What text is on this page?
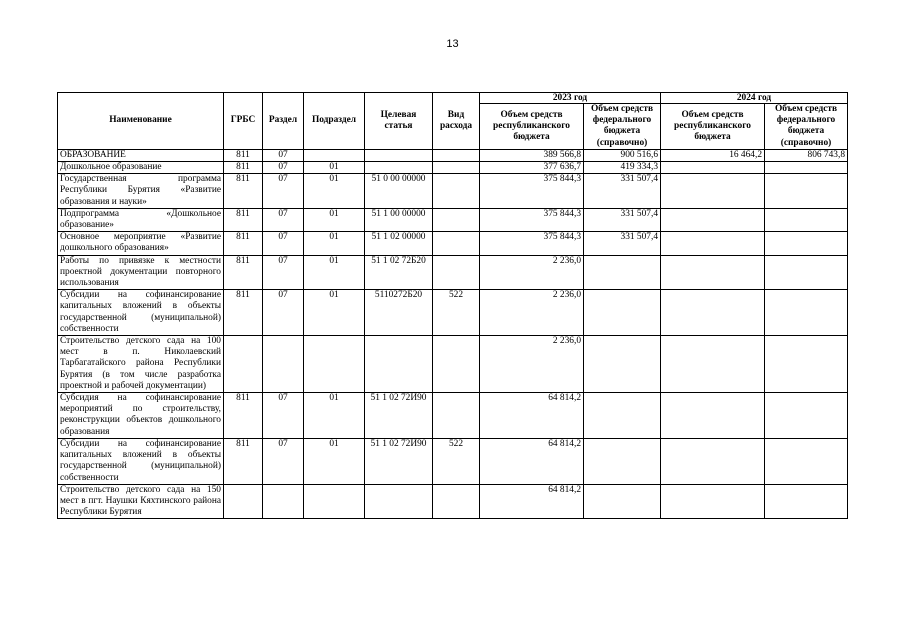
13
Наименование	ГРБС	Раздел	Подраздел	Целевая статья	Вид расхода	2023 год		2024 год	
						Объем средств республиканского бюджета	Объем средств федерального бюджета (справочно)	Объем средств республиканского бюджета	Объем средств федерального бюджета (справочно)
ОБРАЗОВАНИЕ	811	07				389 566,8	900 516,6	16 464,2	806 743,8
Дошкольное образование	811	07	01			377 636,7	419 334,3		
Государственная программа Республики Бурятия «Развитие образования и науки»	811	07	01	51 0 00 00000		375 844,3	331 507,4		
Подпрограмма «Дошкольное образование»	811	07	01	51 1 00 00000		375 844,3	331 507,4		
Основное мероприятие «Развитие дошкольного образования»	811	07	01	51 1 02 00000		375 844,3	331 507,4		
Работы по привязке к местности проектной документации повторного использования	811	07	01	51 1 02 72Б20		2 236,0			
Субсидии на софинансирование капитальных вложений в объекты государственной (муниципальной) собственности	811	07	01	5110272Б20	522	2 236,0			
Строительство детского сада на 100 мест в п. Николаевский Тарбагатайского района Республики Бурятия (в том числе разработка проектной и рабочей документации)						2 236,0			
Субсидия на софинансирование мероприятий по строительству, реконструкции объектов дошкольного образования	811	07	01	51 1 02 72И90		64 814,2			
Субсидии на софинансирование капитальных вложений в объекты государственной (муниципальной) собственности	811	07	01	51 1 02 72И90	522	64 814,2			
Строительство детского сада на 150 мест в пгт. Наушки Кяхтинского района Республики Бурятия						64 814,2			
